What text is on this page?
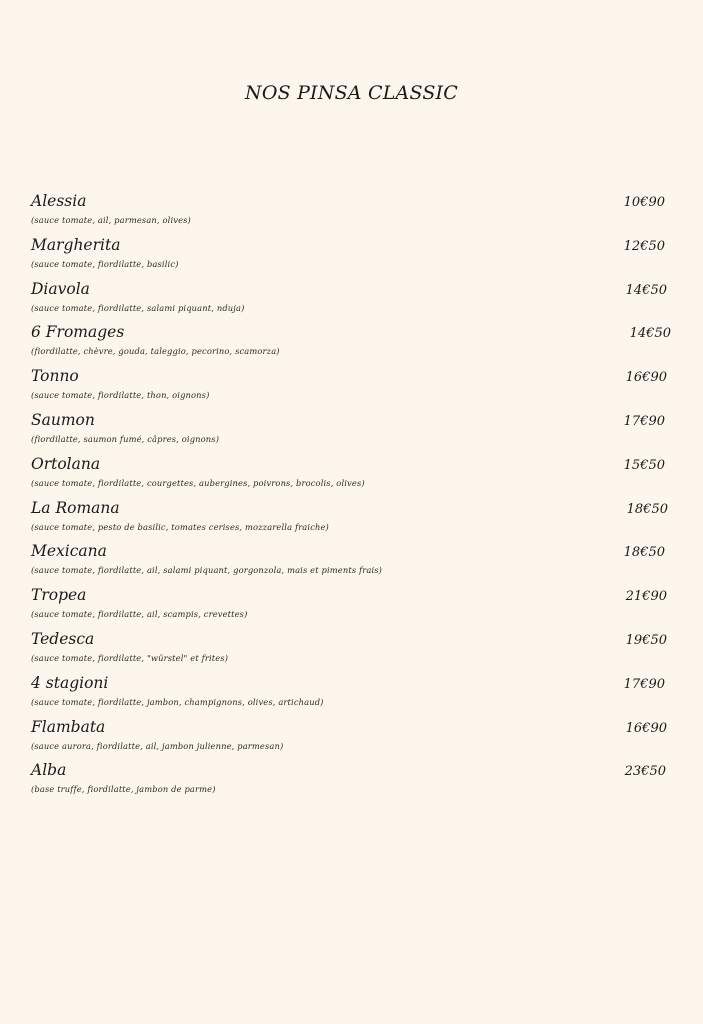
NOS PINSA CLASSIC
Alessia	10€90
(sauce tomate, ail, parmesan, olives)
Margherita	12€50
(sauce tomate, fiordilatte, basilic)
Diavola	14€50
(sauce tomate, fiordilatte, salami piquant, nduja)
6 Fromages	14€50
(fiordilatte, chèvre, gouda, taleggio, pecorino, scamorza)
Tonno	16€90
(sauce tomate, fiordilatte, thon, oignons)
Saumon	17€90
(fiordilatte, saumon fumé, câpres, oignons)
Ortolana	15€50
(sauce tomate, fiordilatte, courgettes, aubergines, poivrons, brocolis, olives)
La Romana	18€50
(sauce tomate, pesto de basilic, tomates cerises, mozzarella fraiche)
Mexicana	18€50
(sauce tomate, fiordilatte, ail, salami piquant, gorgonzola, mais et piments frais)
Tropea	21€90
(sauce tomate, fiordilatte, ail, scampis, crevettes)
Tedesca	19€50
(sauce tomate, fiordilatte, "würstel" et frites)
4 stagioni	17€90
(sauce tomate, fiordilatte, jambon, champignons, olives, artichaud)
Flambata	16€90
(sauce aurora, fiordilatte, ail, jambon julienne, parmesan)
Alba	23€50
(base truffe, fiordilatte, jambon de parme)
